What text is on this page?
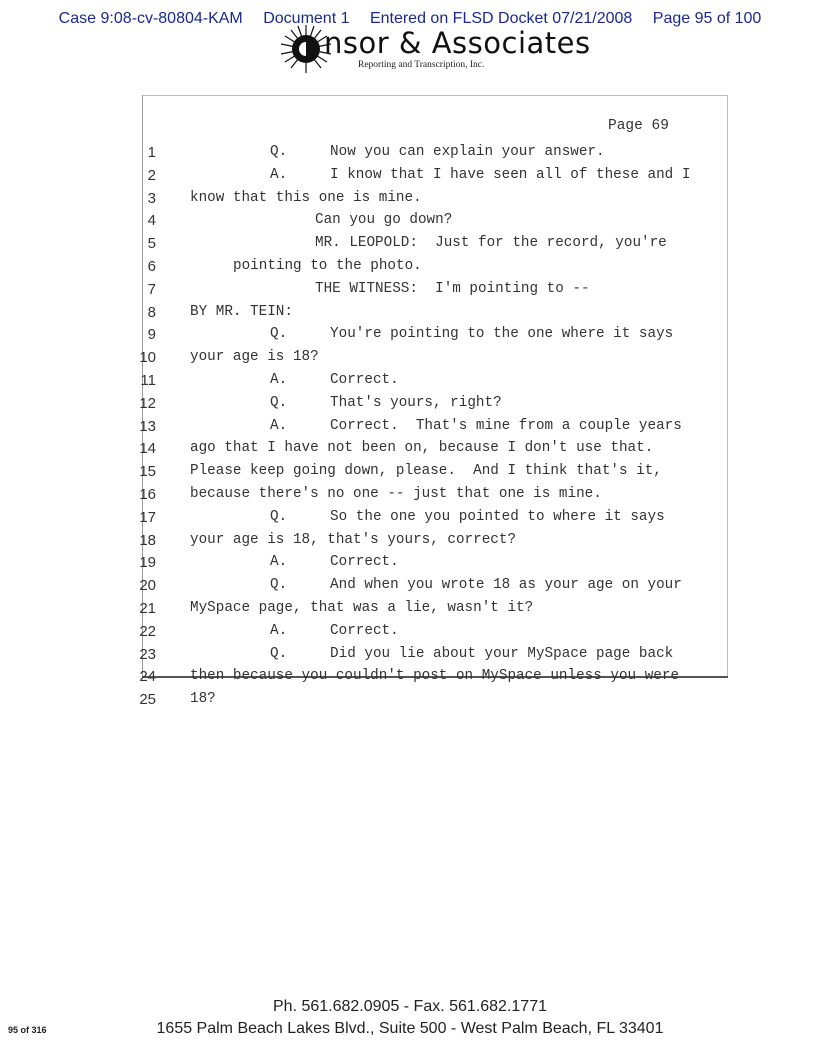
Case 9:08-cv-80804-KAM Document 1 Entered on FLSD Docket 07/21/2008 Page 95 of 100
nsor & Associates
Reporting and Transcription, Inc.
Page 69
1	Q.     Now you can explain your answer.
2	A.     I know that I have seen all of these and I
3 know that this one is mine.
4	Can you go down?
5	MR. LEOPOLD:  Just for the record, you're
6	pointing to the photo.
7	THE WITNESS:  I'm pointing to --
8 BY MR. TEIN:
9	Q.     You're pointing to the one where it says
10 your age is 18?
11	A.     Correct.
12	Q.     That's yours, right?
13	A.     Correct.  That's mine from a couple years
14 ago that I have not been on, because I don't use that.
15 Please keep going down, please.  And I think that's it,
16 because there's no one -- just that one is mine.
17	Q.     So the one you pointed to where it says
18 your age is 18, that's yours, correct?
19	A.     Correct.
20	Q.     And when you wrote 18 as your age on your
21 MySpace page, that was a lie, wasn't it?
22	A.     Correct.
23	Q.     Did you lie about your MySpace page back
24 then because you couldn't post on MySpace unless you were
25 18?
Ph. 561.682.0905 - Fax. 561.682.1771
1655 Palm Beach Lakes Blvd., Suite 500 - West Palm Beach, FL 33401
95 of 316
